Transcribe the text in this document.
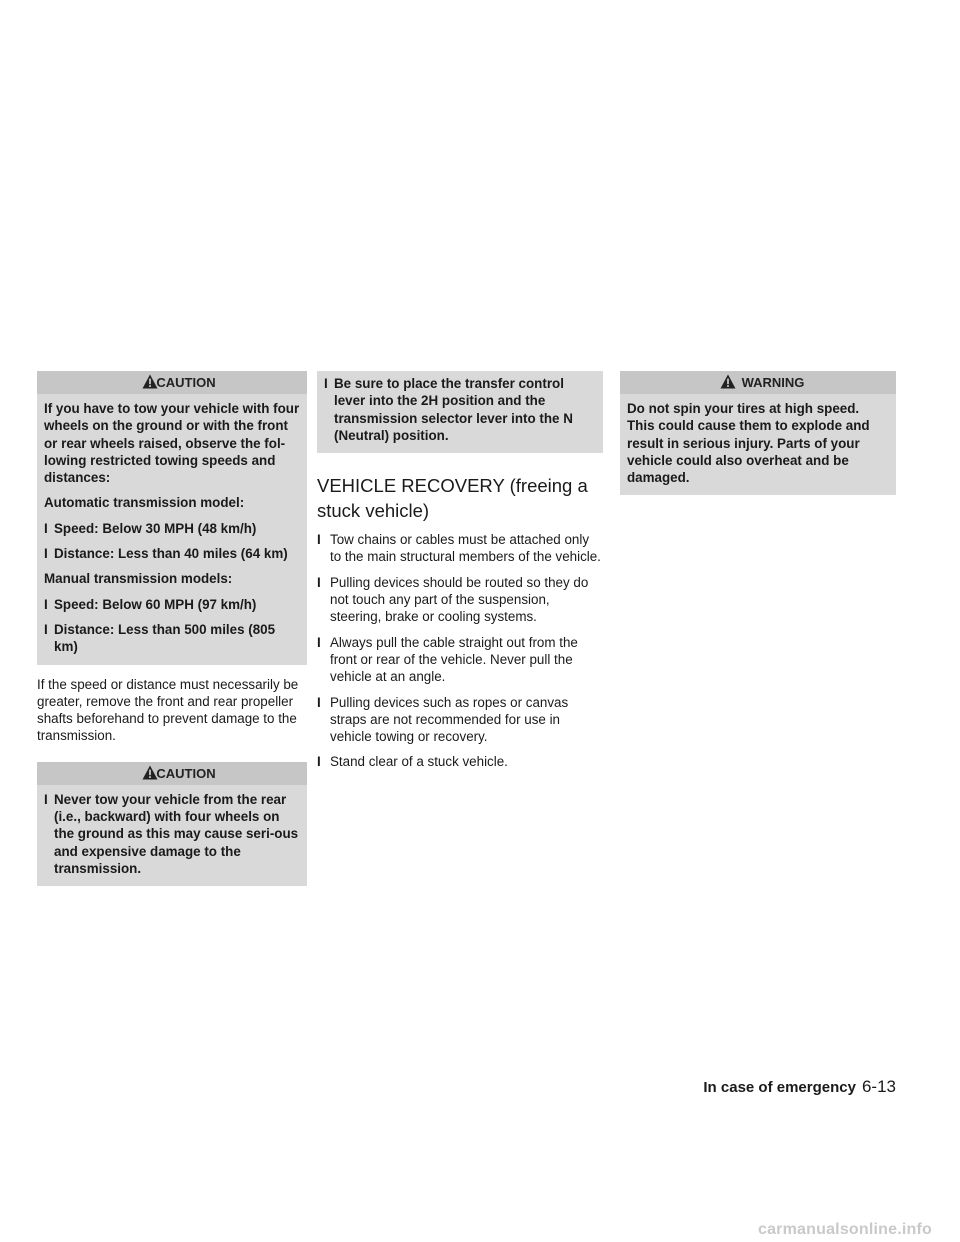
CAUTION

If you have to tow your vehicle with four wheels on the ground or with the front or rear wheels raised, observe the fol-lowing restricted towing speeds and distances:

Automatic transmission model:

I Speed: Below 30 MPH (48 km/h)
I Distance: Less than 40 miles (64 km)

Manual transmission models:

I Speed: Below 60 MPH (97 km/h)
I Distance: Less than 500 miles (805 km)

If the speed or distance must necessarily be greater, remove the front and rear propeller shafts beforehand to prevent damage to the transmission.

CAUTION
I Never tow your vehicle from the rear (i.e., backward) with four wheels on the ground as this may cause seri-ous and expensive damage to the transmission.
I Be sure to place the transfer control lever into the 2H position and the transmission selector lever into the N (Neutral) position.
VEHICLE RECOVERY (freeing a stuck vehicle)
I Tow chains or cables must be attached only to the main structural members of the vehicle.
I Pulling devices should be routed so they do not touch any part of the suspension, steering, brake or cooling systems.
I Always pull the cable straight out from the front or rear of the vehicle. Never pull the vehicle at an angle.
I Pulling devices such as ropes or canvas straps are not recommended for use in vehicle towing or recovery.
I Stand clear of a stuck vehicle.
WARNING

Do not spin your tires at high speed. This could cause them to explode and result in serious injury. Parts of your vehicle could also overheat and be damaged.

In case of emergency 6-13
carmanualsonline.info
